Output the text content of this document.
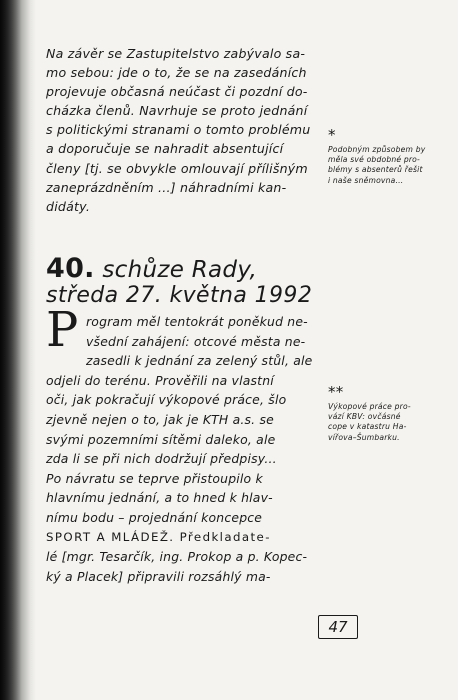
Na závěr se Zastupitelstvo zabývalo sa-
mo sebou: jde o to, že se na zasedáních
projevuje občasná neúčast či pozdní do-
cházka členů. Navrhuje se proto jednání
s politickými stranami o tomto problému
a doporučuje se nahradit absentující
členy [tj. se obvykle omlouvají přílišným
zaneprázdněním ...] náhradními kan-
didáty.
*
Podobným způsobem by
měla své obdobné pro-
blémy s absenterů řešit
i naše sněmovna...
40. schůze Rady,
středa 27. května 1992
P rogram měl tentokrát poněkud ne-
všední zahájení: otcové města ne-
zasedli k jednání za zelený stůl, ale
odjeli do terénu. Prověřili na vlastní
oči, jak pokračují výkopové práce, šlo
zjevně nejen o to, jak je KTH a.s. se
svými pozemními sítěmi daleko, ale
zda li se při nich dodržují předpisy...
Po návratu se teprve přistoupilo k
hlavnímu jednání, a to hned k hlav-
nímu bodu – projednání koncepce
SPORT A MLÁDEŽ. Předkladate-
lé [mgr. Tesarčík, ing. Prokop a p. Kopec-
ký a Placek] připravili rozsáhlý ma-
**
Výkopové práce pro-
vází KBV: ovčásné
cope v katastru Ha-
vířova–Šumbarku.
47
